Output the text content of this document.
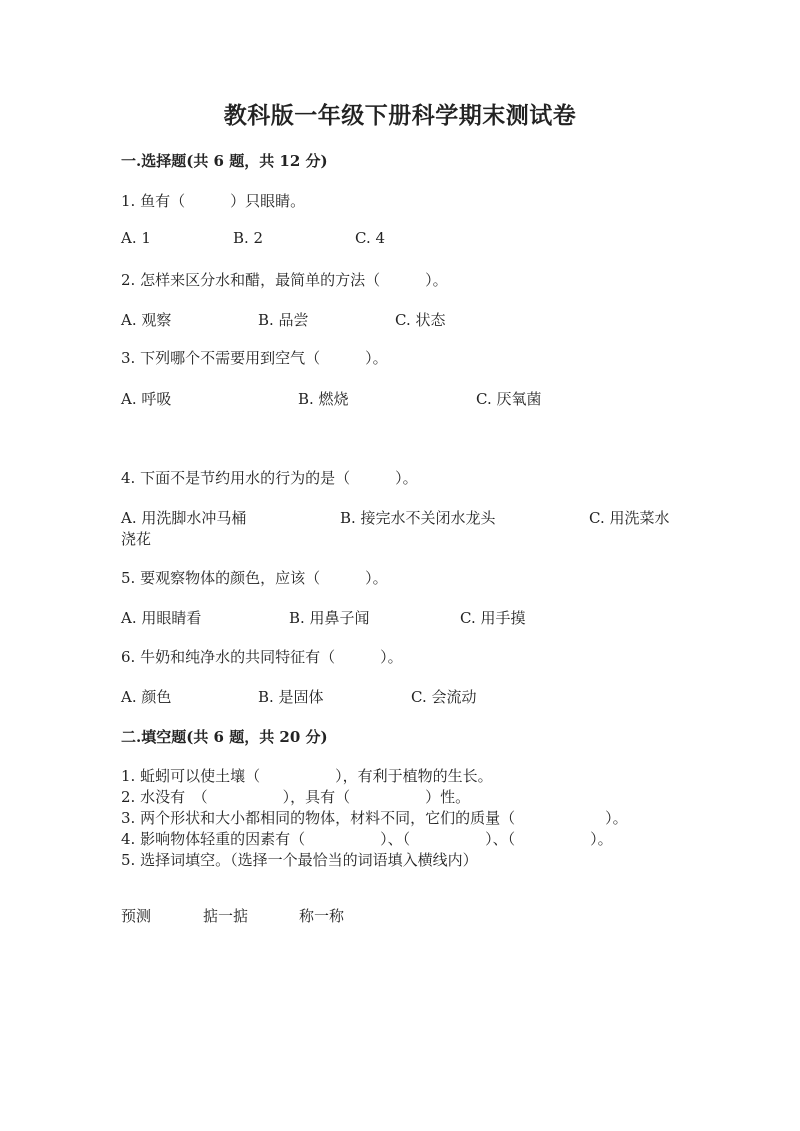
教科版一年级下册科学期末测试卷
一.选择题(共 6 题，共 12 分)
1. 鱼有（　　　）只眼睛。
A. 1	B. 2	C. 4
2. 怎样来区分水和醋，最简单的方法（　　　）。
A. 观察	B. 品尝	C. 状态
3. 下列哪个不需要用到空气（　　　）。
A. 呼吸	B. 燃烧	C. 厌氧菌
4. 下面不是节约用水的行为的是（　　　）。
A. 用洗脚水冲马桶	B. 接完水不关闭水龙头	C. 用洗菜水
浇花
5. 要观察物体的颜色，应该（　　　）。
A. 用眼睛看	B. 用鼻子闻	C. 用手摸
6. 牛奶和纯净水的共同特征有（　　　）。
A. 颜色	B. 是固体	C. 会流动
二.填空题(共 6 题，共 20 分)
1. 蚯蚓可以使土壤（　　　　　），有利于植物的生长。
2. 水没有　（　　　　　），具有（　　　　　）性。
3. 两个形状和大小都相同的物体，材料不同，它们的质量（　　　　　　）。
4. 影响物体轻重的因素有（　　　　　）、（　　　　　）、（　　　　　）。
5. 选择词填空。（选择一个最恰当的词语填入横线内）
预测	掂一掂	称一称
